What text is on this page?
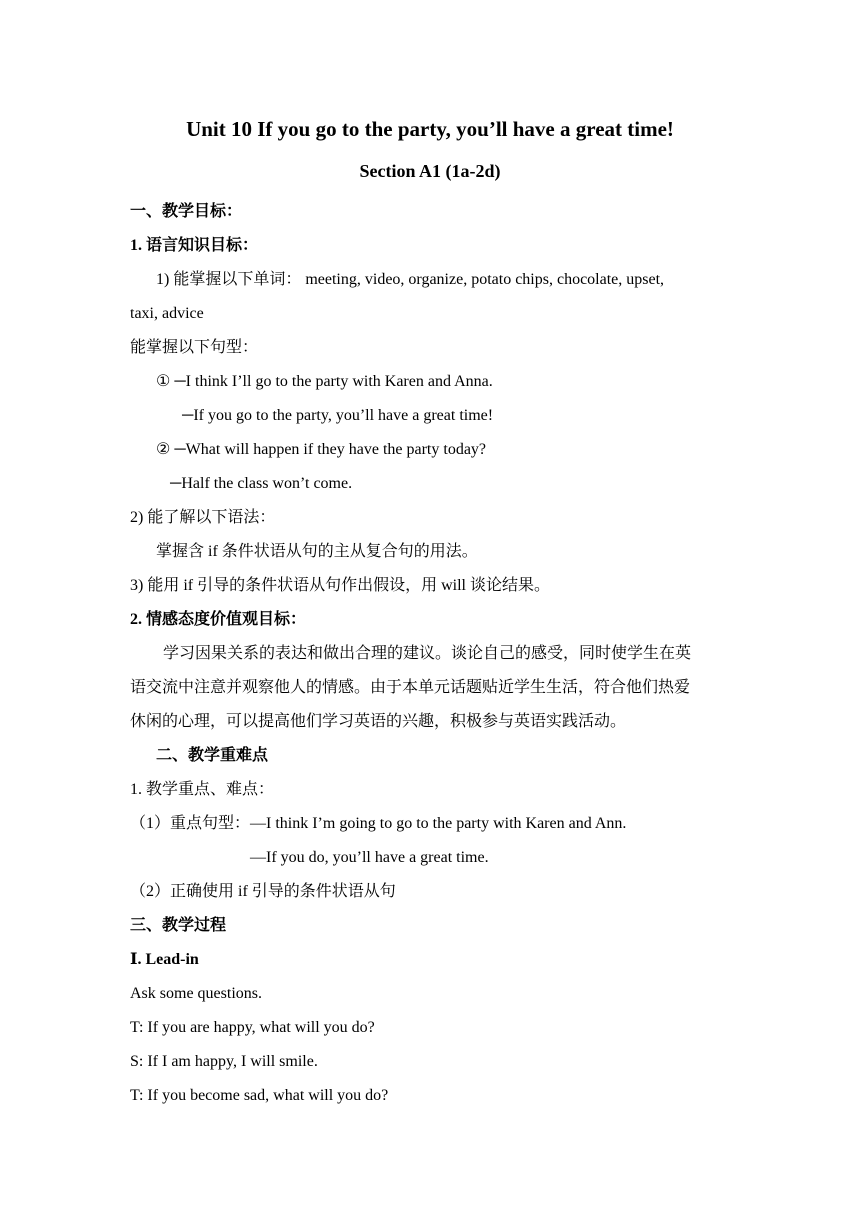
Unit 10 If you go to the party, you’ll have a great time!
Section A1 (1a-2d)
一、教学目标：
1. 语言知识目标：
1) 能掌握以下单词： meeting, video, organize, potato chips, chocolate, upset,
taxi, advice
能掌握以下句型：
① ─I think I’ll go to the party with Karen and Anna.
─If you go to the party, you’ll have a great time!
② ─What will happen if they have the party today?
─Half the class won’t come.
2) 能了解以下语法：
掌握含 if 条件状语从句的主从复合句的用法。
3) 能用 if 引导的条件状语从句作出假设，用 will 谈论结果。
2. 情感态度价值观目标：
学习因果关系的表达和做出合理的建议。谈论自己的感受，同时使学生在英
语交流中注意并观察他人的情感。由于本单元话题贴近学生生活，符合他们热爱
休闲的心理，可以提高他们学习英语的兴趣，积极参与英语实践活动。
二、教学重难点
1. 教学重点、难点：
（1）重点句型：—I think I’m going to go to the party with Karen and Ann.
—If you do, you’ll have a great time.
（2）正确使用 if 引导的条件状语从句
三、教学过程
Ⅰ. Lead-in
Ask some questions.
T: If you are happy, what will you do?
S: If I am happy, I will smile.
T: If you become sad, what will you do?
